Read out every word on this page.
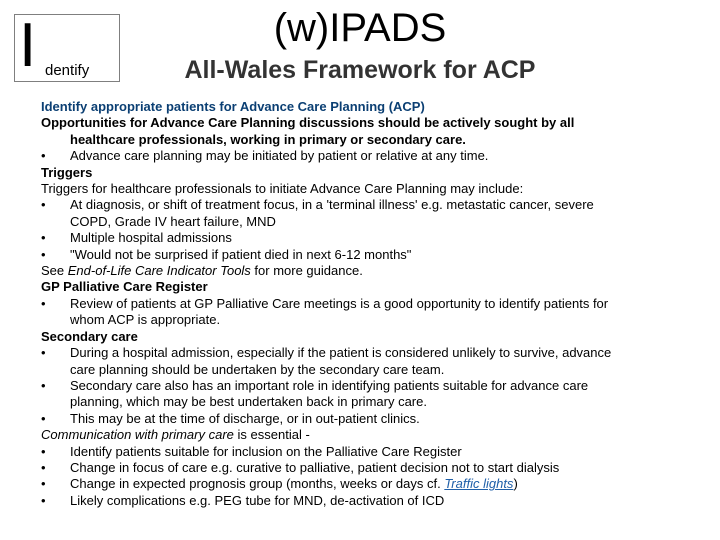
I dentify
(w)IPADS
All-Wales Framework for ACP
Identify appropriate patients for Advance Care Planning (ACP)
Opportunities for Advance Care Planning discussions should be actively sought by all
healthcare professionals, working in primary or secondary care.
•	Advance care planning may be initiated by patient or relative at any time.
Triggers
Triggers for healthcare professionals to initiate Advance Care Planning may include:
•	At diagnosis, or shift of treatment focus, in a 'terminal illness' e.g. metastatic cancer, severe
COPD, Grade IV heart failure, MND
•	Multiple hospital admissions
•	"Would not be surprised if patient died in next 6-12 months"
See End-of-Life Care Indicator Tools for more guidance.
GP Palliative Care Register
•	Review of patients at GP Palliative Care meetings is a good opportunity to identify patients for
whom ACP is appropriate.
Secondary care
•	During a hospital admission, especially if the patient is considered unlikely to survive, advance
care planning should be undertaken by the secondary care team.
•	Secondary care also has an important role in identifying patients suitable for advance care
planning, which may be best undertaken back in primary care.
•	This may be at the time of discharge, or in out-patient clinics.
Communication with primary care is essential -
•	Identify patients suitable for inclusion on the Palliative Care Register
•	Change in focus of care e.g. curative to palliative, patient decision not to start dialysis
•	Change in expected prognosis group (months, weeks or days cf. Traffic lights)
•	Likely complications e.g. PEG tube for MND, de-activation of ICD
